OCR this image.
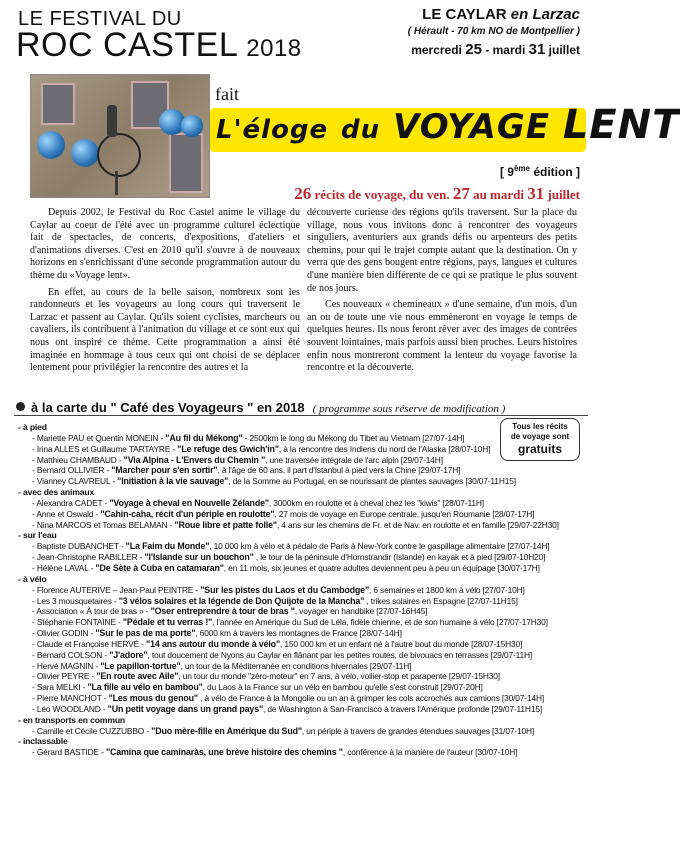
LE FESTIVAL DU
ROC CASTEL 2018
fait
L'éloge du VOYAGE LENT
LE CAYLAR en Larzac
( Hérault - 70 km NO de Montpellier )
mercredi 25 - mardi 31 juillet
[ 9ème édition ]
26 récits de voyage, du ven. 27 au mardi 31 juillet

Depuis 2002, le Festival du Roc Castel anime le village du Caylar au coeur de l'été avec un programme culturel éclectique fait de spectacles, de concerts, d'expositions, d'ateliers et d'animations diverses. C'est en 2010 qu'il s'ouvre à de nouveaux horizons en s'enrichissant d'une seconde programmation autour du thème du «Voyage lent».

En effet, au cours de la belle saison, nombreux sont les randonneurs et les voyageurs au long cours qui traversent le Larzac et passent au Caylar. Qu'ils soient cyclistes, marcheurs ou cavaliers, ils contribuent à l'animation du village et ce sont eux qui nous ont inspiré ce thème. Cette programmation a ainsi été imaginée en hommage à tous ceux qui ont choisi de se déplacer lentement pour privilégier la rencontre des autres et la

découverte curieuse des régions qu'ils traversent. Sur la place du village, nous vous invitons donc à rencontrer des voyageurs singuliers, aventuriers aux grands défis ou arpenteurs des petits chemins, pour qui le trajet compte autant que la destination. On y verra que des gens bougent entre régions, pays, langues et cultures d'une manière bien différente de ce qui se pratique le plus souvent de nos jours.

Ces nouveaux « chemineaux » d'une semaine, d'un mois, d'un an ou de toute une vie nous emmèneront en voyage le temps de quelques heures. Ils nous feront rêver avec des images de contrées souvent lointaines, mais parfois aussi bien proches. Leurs histoires enfin nous montreront comment la lenteur du voyage favorise la rencontre et la découverte.

à la carte du " Café des Voyageurs " en 2018 ( programme sous réserve de modification )
Tous les récits
de voyage sont
gratuits
- à pied
- Mariette PAU et Quentin MONEIN - "Au fil du Mékong" - 2500km le long du Mékong du Tibet au Vietnam [27/07-14H]
- Irina ALLES et Guillaume TARTAYRE - "Le refuge des Gwich'in", à la rencontre des Indiens du nord de l'Alaska [28/07-10H]
- Matthieu CHAMBAUD - "Via Alpina - L'Envers du Chemin ", une traversée intégrale de l'arc alpin [29/07-14H]
- Bernard OLLIVIER - "Marcher pour s'en sortir", à l'âge de 60 ans, il part d'Istanbul à pied vers la Chine [29/07-17H]
- Vianney CLAVREUL - "Initiation à la vie sauvage", de la Somme au Portugal, en se nourissant de plantes sauvages [30/07-11H15]
- avec des animaux
- Alexandra CADET - "Voyage à cheval en Nouvelle Zélande", 3000km en roulotte et à cheval chez les "kiwis" [28/07-11H]
- Anne et Oswald - "Cahin-caha, récit d'un périple en roulotte", 27 mois de voyage en Europe centrale, jusqu'en Roumanie [28/07-17H]
- Nina MARCOS et Tomas BELAMAN - "Roue libre et patte folle", 4 ans sur les chemins de Fr. et de Nav. en roulotte et en famille [29/07-22H30]
- sur l'eau
- Baptiste DUBANCHET - "La Faim du Monde", 10 000 km à vélo et à pédalo de Paris à New-York contre le gaspillage alimentaire [27/07-14H]
- Jean-Christophe RABILLER - "l'Islande sur un bouchon" , le tour de la péninsule d'Hornstrandir (Islande) en kayak et à pied [29/07-10H20]
- Hélène LAVAL - "De Sète à Cuba en catamaran", en 11 mois, six jeunes et quatre adultes deviennent peu à peu un équipage [30/07-17H]
- à vélo
- Florence AUTERIVE – Jean-Paul PEINTRE - "Sur les pistes du Laos et du Cambodge", 6 semaines et 1800 km à vélo [27/07-10H]
- Les 3 mousquetaires - "3 vélos solaires et la légende de Don Quijote de la Mancha" , trikes solaires en Espagne [27/07-11H15]
- Association « À tour de bras » - "Oser entreprendre à tour de bras ", voyager en handbike [27/07-16H45]
- Stéphanie FONTAINE - "Pédale et tu verras !", l'année en Amérique du Sud de Léla, fidèle chienne, et de son humaine à vélo [27/07-17H30]
- Olivier GODIN - "Sur le pas de ma porte", 6000 km à travers les montagnes de France [28/07-14H]
- Claude et Françoise HERVÉ - "14 ans autour du monde à vélo", 150 000 km et un enfant né à l'autre bout du monde [28/07-15H30]
- Bernard COLSON - "J'adore", tout doucement de Nyons au Caylar en flânant par les petites routes, de bivouacs en terrasses [29/07-11H]
- Hervé MAGNIN - "Le papillon-tortue", un tour de la Méditerranée en conditions hivernales [29/07-11H]
- Olivier PEYRE - "En route avec Aile", un tour du monde "zéro-moteur" en 7 ans, à vélo, voilier-stop et parapente [29/07-15H30]
- Sara MELKI - "La fille au vélo en bambou", du Laos à la France sur un vélo en bambou qu'elle s'est construit [29/07-20H]
- Pierre MANCHOT - "Les mous du genou" , à vélo de France à la Mongolie ou un an à grimper les cols accrochés aux camions [30/07-14H]
- Léo WOODLAND - "Un petit voyage dans un grand pays", de Washington à San-Francisco à travers l'Amérique profonde [29/07-11H15]
- en transports en commun
- Camille et Cécile CUZZUBBO - "Duo mère-fille en Amérique du Sud", un périple à travers de grandes étendues sauvages [31/07-10H]
- inclassable
- Gérard BASTIDE - "Camina que caminaràs, une brève histoire des chemins ", conférence à la manière de l'auteur [30/07-10H]
